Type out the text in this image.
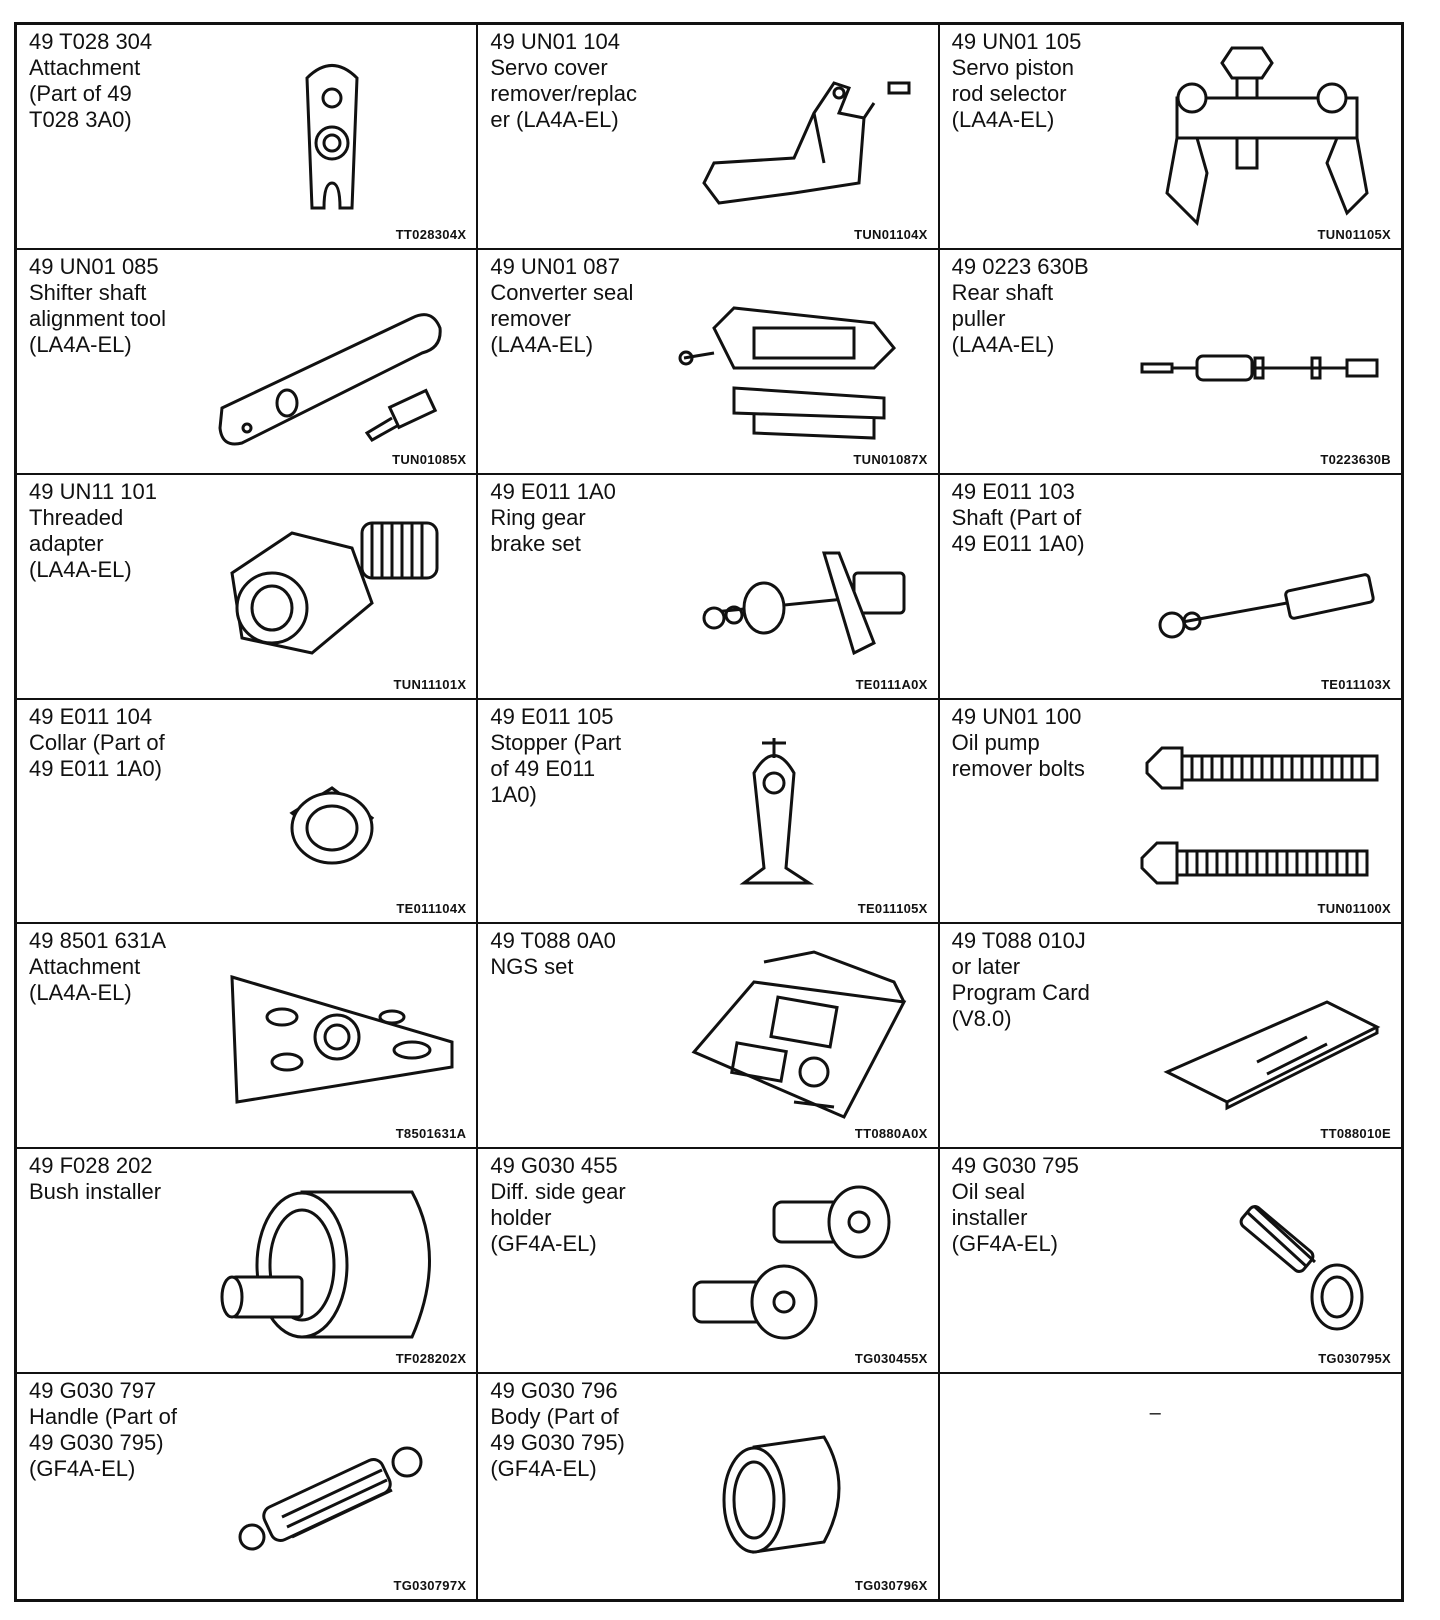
49 T028 304
Attachment
(Part of 49
T028 3A0)
TT028304X
49 UN01 104
Servo cover
remover/replac
er (LA4A-EL)
TUN01104X
49 UN01 105
Servo piston
rod selector
(LA4A-EL)
TUN01105X
49 UN01 085
Shifter shaft
alignment tool
(LA4A-EL)
TUN01085X
49 UN01 087
Converter seal
remover
(LA4A-EL)
TUN01087X
49 0223 630B
Rear shaft
puller
(LA4A-EL)
T0223630B
49 UN11 101
Threaded
adapter
(LA4A-EL)
TUN11101X
49 E011 1A0
Ring gear
brake set
TE0111A0X
49 E011 103
Shaft (Part of
49 E011 1A0)
TE011103X
49 E011 104
Collar (Part of
49 E011 1A0)
TE011104X
49 E011 105
Stopper (Part
of 49 E011
1A0)
TE011105X
49 UN01 100
Oil pump
remover bolts
TUN01100X
49 8501 631A
Attachment
(LA4A-EL)
T8501631A
49 T088 0A0
NGS set
TT0880A0X
49 T088 010J
or later
Program Card
(V8.0)
TT088010E
49 F028 202
Bush installer
TF028202X
49 G030 455
Diff. side gear
holder
(GF4A-EL)
TG030455X
49 G030 795
Oil seal
installer
(GF4A-EL)
TG030795X
49 G030 797
Handle (Part of
49 G030 795)
(GF4A-EL)
TG030797X
49 G030 796
Body (Part of
49 G030 795)
(GF4A-EL)
TG030796X
–
